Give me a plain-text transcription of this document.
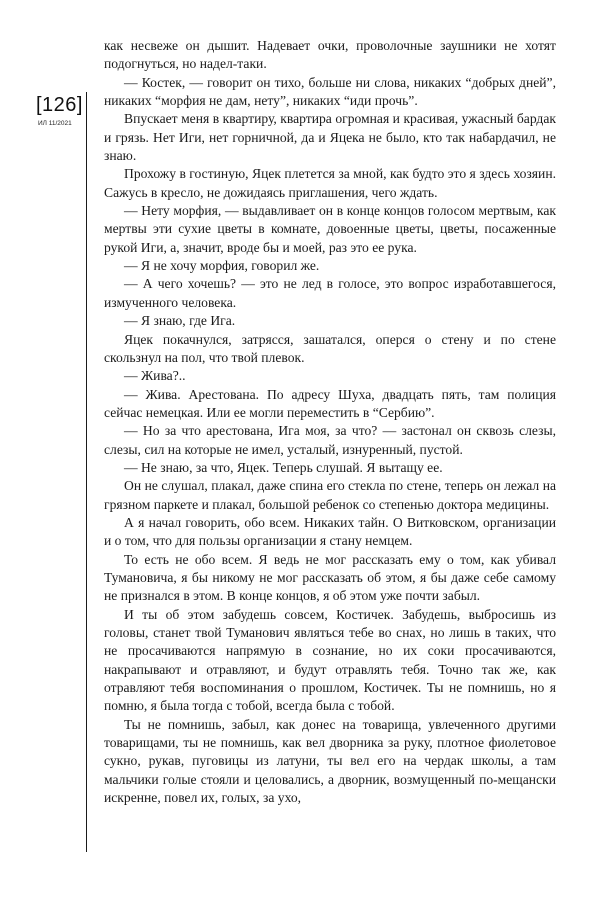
[126]
ИЛ 11/2021

как несвеже он дышит. Надевает очки, проволочные заушники не хотят подогнуться, но надел-таки.

— Костек, — говорит он тихо, больше ни слова, никаких “добрых дней”, никаких “морфия не дам, нету”, никаких “иди прочь”.

Впускает меня в квартиру, квартира огромная и красивая, ужасный бардак и грязь. Нет Иги, нет горничной, да и Яцека не было, кто так набардачил, не знаю.

Прохожу в гостиную, Яцек плетется за мной, как будто это я здесь хозяин. Сажусь в кресло, не дожидаясь приглашения, чего ждать.

— Нету морфия, — выдавливает он в конце концов голосом мертвым, как мертвы эти сухие цветы в комнате, довоенные цветы, цветы, посаженные рукой Иги, а, значит, вроде бы и моей, раз это ее рука.

— Я не хочу морфия, говорил же.

— А чего хочешь? — это не лед в голосе, это вопрос изработавшегося, измученного человека.

— Я знаю, где Ига.

Яцек покачнулся, затрясся, зашатался, оперся о стену и по стене скользнул на пол, что твой плевок.

— Жива?..

— Жива. Арестована. По адресу Шуха, двадцать пять, там полиция сейчас немецкая. Или ее могли переместить в “Сербию”.

— Но за что арестована, Ига моя, за что? — застонал он сквозь слезы, слезы, сил на которые не имел, усталый, изнуренный, пустой.

— Не знаю, за что, Яцек. Теперь слушай. Я вытащу ее.

Он не слушал, плакал, даже спина его стекла по стене, теперь он лежал на грязном паркете и плакал, большой ребенок со степенью доктора медицины.

А я начал говорить, обо всем. Никаких тайн. О Витковском, организации и о том, что для пользы организации я стану немцем.

То есть не обо всем. Я ведь не мог рассказать ему о том, как убивал Тумановича, я бы никому не мог рассказать об этом, я бы даже себе самому не признался в этом. В конце концов, я об этом уже почти забыл.

И ты об этом забудешь совсем, Костичек. Забудешь, выбросишь из головы, станет твой Туманович являться тебе во снах, но лишь в таких, что не просачиваются напрямую в сознание, но их соки просачиваются, накрапывают и отравляют, и будут отравлять тебя. Точно так же, как отравляют тебя воспоминания о прошлом, Костичек. Ты не помнишь, но я помню, я была тогда с тобой, всегда была с тобой.

Ты не помнишь, забыл, как донес на товарища, увлеченного другими товарищами, ты не помнишь, как вел дворника за руку, плотное фиолетовое сукно, рукав, пуговицы из латуни, ты вел его на чердак школы, а там мальчики голые стояли и целовались, а дворник, возмущенный по-мещански искренне, повел их, голых, за ухо,
